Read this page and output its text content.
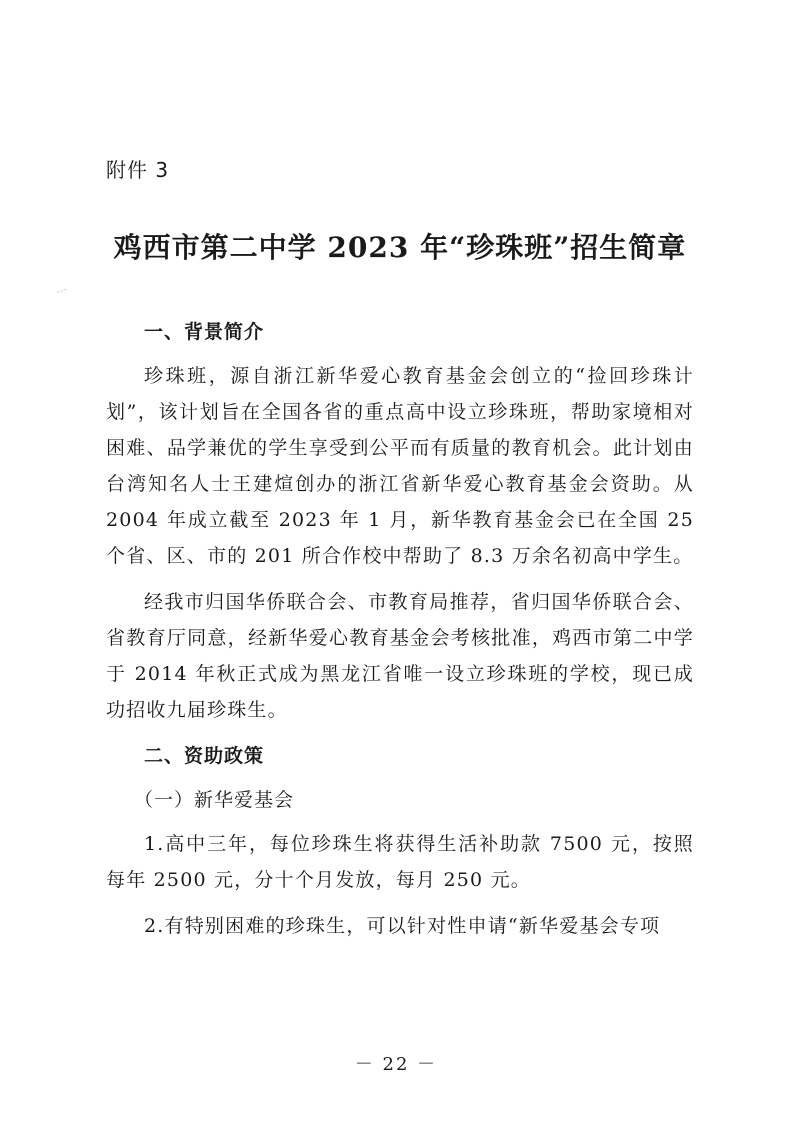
附件 3
鸡西市第二中学 2023 年“珍珠班”招生简章
一、背景简介

珍珠班，源自浙江新华爱心教育基金会创立的“捡回珍珠计划”，该计划旨在全国各省的重点高中设立珍珠班，帮助家境相对困难、品学兼优的学生享受到公平而有质量的教育机会。此计划由台湾知名人士王建煊创办的浙江省新华爱心教育基金会资助。从 2004 年成立截至 2023 年 1 月，新华教育基金会已在全国 25 个省、区、市的 201 所合作校中帮助了 8.3 万余名初高中学生。

经我市归国华侨联合会、市教育局推荐，省归国华侨联合会、省教育厅同意，经新华爱心教育基金会考核批准，鸡西市第二中学于 2014 年秋正式成为黑龙江省唯一设立珍珠班的学校，现已成功招收九届珍珠生。

二、资助政策
（一）新华爱基会

1.高中三年，每位珍珠生将获得生活补助款 7500 元，按照每年 2500 元，分十个月发放，每月 250 元。

2.有特别困难的珍珠生，可以针对性申请“新华爱基会专项

－ 22 －
